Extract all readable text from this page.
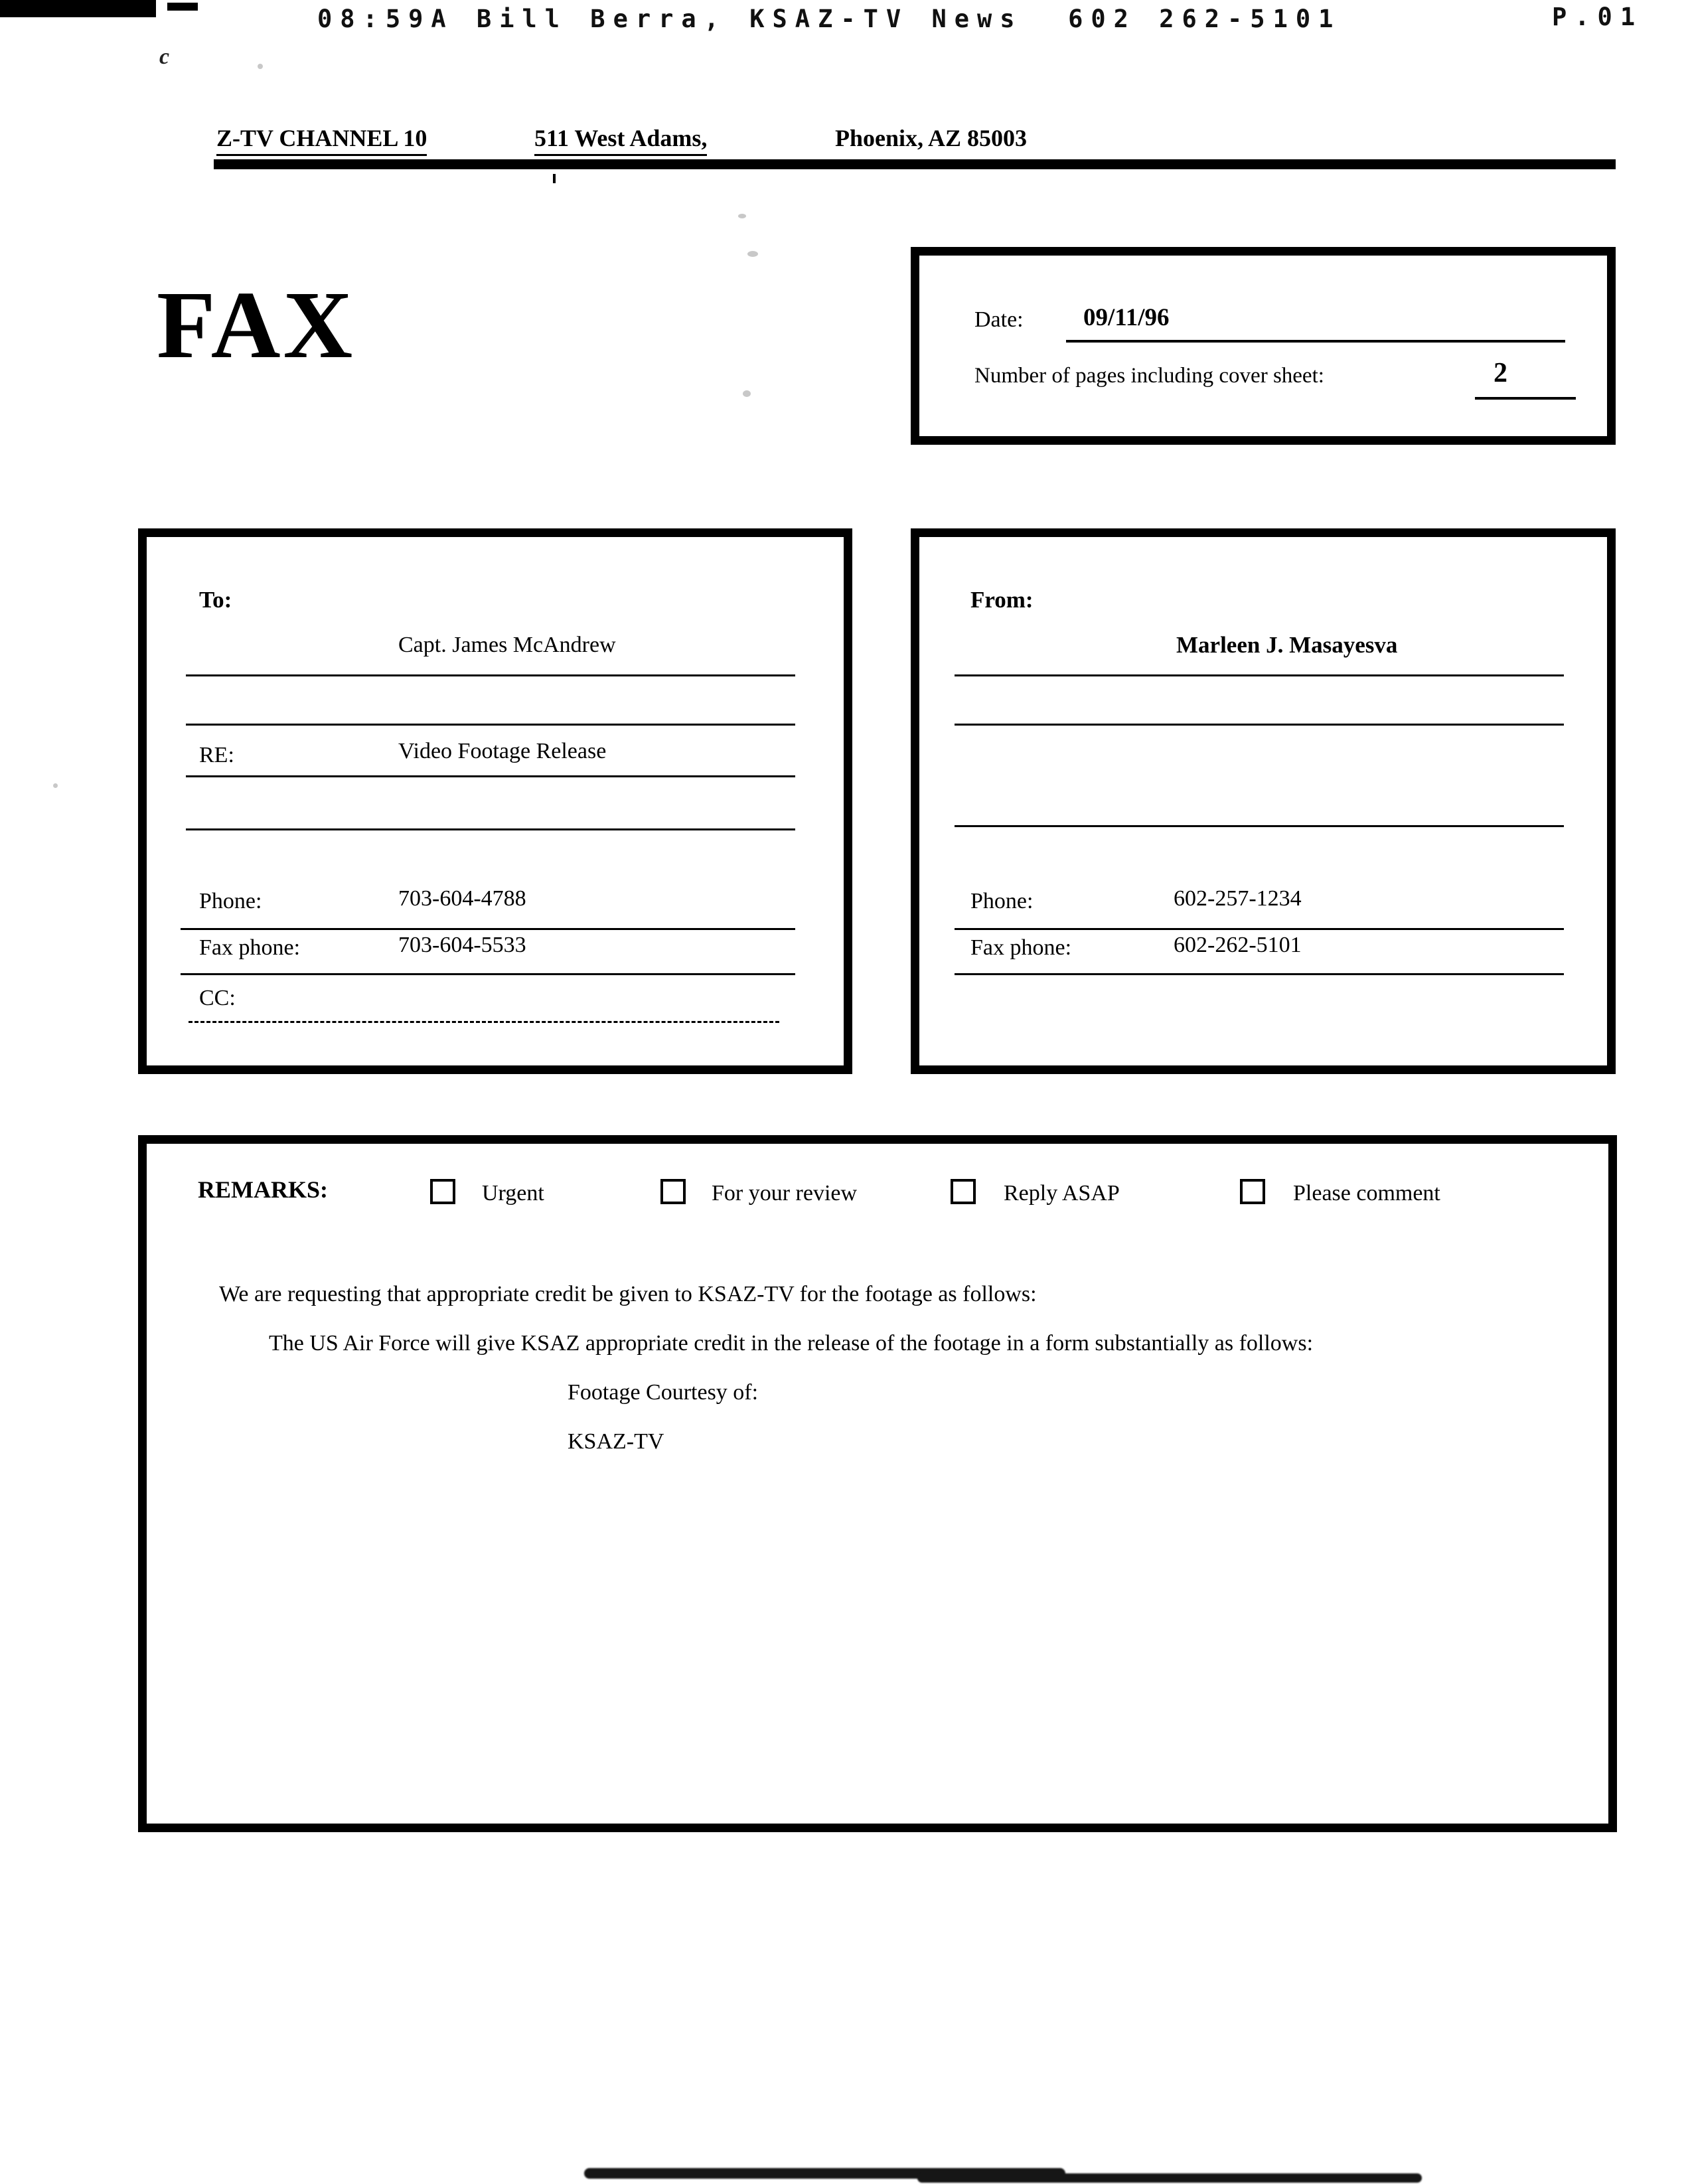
08:59A Bill Berra, KSAZ-TV News  602 262-5101	P.01
c
Z-TV CHANNEL 10	511 West Adams,	Phoenix, AZ 85003
FAX	Date: 09/11/96
Number of pages including cover sheet:	2
To:
Capt. James McAndrew
RE:	Video Footage Release
Phone:	703-604-4788
Fax phone:	703-604-5533
CC:
From:
Marleen J. Masayesva
Phone:	602-257-1234
Fax phone:	602-262-5101
REMARKS:	Urgent	For your review	Reply ASAP	Please comment
We are requesting that appropriate credit be given to KSAZ-TV for the footage as follows:
The US Air Force will give KSAZ appropriate credit in the release of the footage in a form substantially as follows:
Footage Courtesy of:
KSAZ-TV
